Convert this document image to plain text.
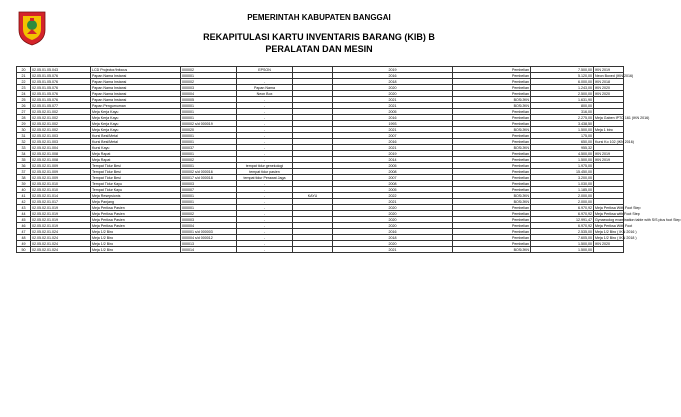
PEMERINTAH KABUPATEN BANGGAI
REKAPITULASI KARTU INVENTARIS BARANG (KIB) B
PERALATAN DAN MESIN
20	02.05.01.05.043	LCD Projector/Infocus	000002	EPSON		2019	Pembelian	7.500,00	IKN 2019
21	02.05.01.05.076	Papan Nama Instansi	000001			2016	Pembelian	5.120,00	Neon Boxed (IKN 2016)
22	02.05.01.05.076	Papan Nama Instansi	000002	-		2018	Pembelian	6.000,00	IKN 2018
23	02.05.01.05.076	Papan Nama Instansi	000003	Papan Nama		2020	Pembelian	1.243,00	IKN 2020
24	02.05.01.05.076	Papan Nama Instansi	000004	Neon Box		2020	Pembelian	2.500,00	IKN 2020
25	02.05.01.05.076	Papan Nama Instansi	000005	-		2021	BOS/JKN	1.631,90	
26	02.05.01.05.077	Papan Pengumuman	000001	-		2021	BOS/JKN	800,00	
27	02.05.02.01.002	Meja Kerja Kayu	000001	-		2005	Pembelian	316,00	
28	02.05.02.01.002	Meja Kerja Kayu	000001	-		2016	Pembelian	2.275,00	Meja Gaben IPTO 161 (IKN 2016)
29	02.05.02.01.002	Meja Kerja Kayu	000002 s/d 000019	-		1993	Pembelian	3.438,50	
30	02.05.02.01.002	Meja Kerja Kayu	000020	-		2021	BOS/JKN	1.500,00	Meja 1 biro
31	02.05.02.01.003	Kursi Besi/Metal	000001	-		2007	Pembelian	175,00	
32	02.05.02.01.003	Kursi Besi/Metal	000001	-		2016	Pembelian	650,00	Kursi Ko 102 (IKN 2016)
33	02.05.02.01.004	Kursi Kayu	000037	-		2021	BOS/JKN	955,32	
34	02.05.02.01.008	Meja Rapat	000001	-		2019	Pembelian	4.500,00	IKN 2019
35	02.05.02.01.008	Meja Rapat	000002	-		2014	Pembelian	1.500,00	IKN 2019
36	02.05.02.01.009	Tempat Tidur Besi	000001	tempat tidur genekologi		2005	Pembelian	1.975,00	
37	02.05.02.01.009	Tempat Tidur Besi	000002 s/d 000016	tempat tidur pasien		2008	Pembelian	15.450,00	
38	02.05.02.01.009	Tempat Tidur Besi	000017 s/d 000018	tempat tidur Perawat Jaga		2007	Pembelian	3.200,00	
39	02.05.02.01.010	Tempat Tidur Kayu	000003	-		2008	Pembelian	1.030,00	
40	02.05.02.01.010	Tempat Tidur Kayu	000007	-		2005	Pembelian	1.185,00	
41	02.05.02.01.014	Meja Resepsionis	000001	-	KAYU	2022	BOS/JKN	2.000,00	
42	02.05.02.01.017	Meja Panjang	000001	-		2021	BOS/JKN	2.000,00	
43	02.05.02.01.019	Meja Periksa Pasien	000001	-		2020	Pembelian	6.970,92	Meja Periksa With Foot Step
44	02.05.02.01.019	Meja Periksa Pasien	000002	-		2020	Pembelian	6.970,92	Meja Periksa with Foot Step
45	02.05.02.01.019	Meja Periksa Pasien	000003	-		2020	Pembelian	12.991,47	Gynaecolog examination table with S/S plus foot Step
46	02.05.02.01.019	Meja Periksa Pasien	000004	-		2020	Pembelian	6.970,92	Meja Periksa With Foot
47	02.05.02.01.024	Meja 1/2 Biro	000001 s/d 000003	-		2016	Pembelian	2.535,00	Meja 1/2 Biro ( IKN 2016 )
48	02.05.02.01.024	Meja 1/2 Biro	000004 s/d 000012	-		2018	Pembelian	7.605,00	Meja 1/2 Biro ( IKN 2018 )
49	02.05.02.01.024	Meja 1/2 Biro	000013	-		2020	Pembelian	1.500,00	IKN 2020
50	02.05.02.01.024	Meja 1/2 Biro	000014	-		2021	BOS/JKN	1.500,00	
